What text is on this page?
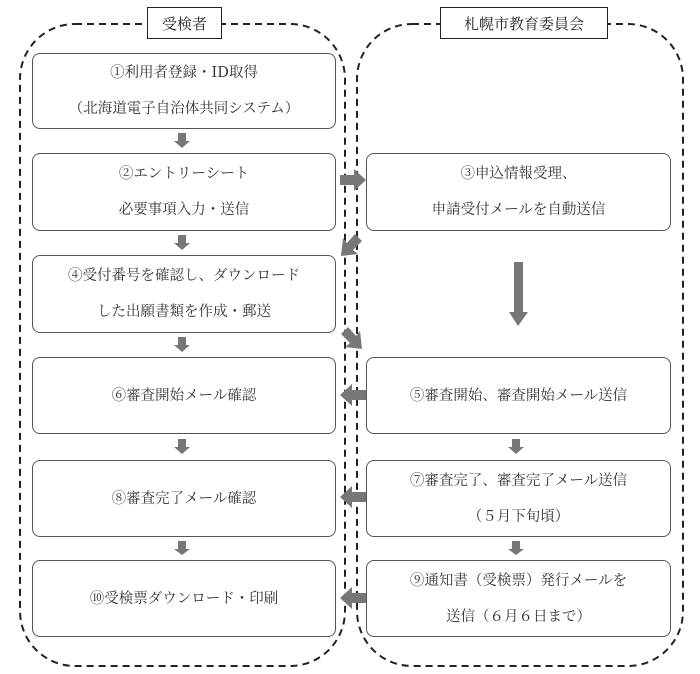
受検者	札幌市教育委員会
①利用者登録・ID取得
（北海道電子自治体共同システム）
②エントリーシート
必要事項入力・送信
④受付番号を確認し、ダウンロード
した出願書類を作成・郵送
⑥審査開始メール確認
⑧審査完了メール確認
⑩受検票ダウンロード・印刷
③申込情報受理、
申請受付メールを自動送信
⑤審査開始、審査開始メール送信
⑦審査完了、審査完了メール送信
（５月下旬頃）
⑨通知書（受検票）発行メールを
送信（６月６日まで）
